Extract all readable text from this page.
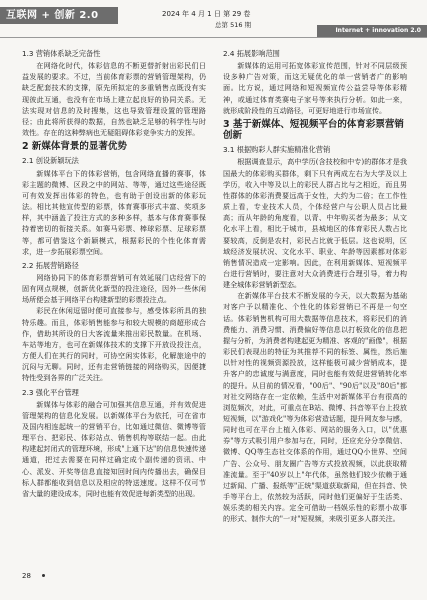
互联网 + 创新 2.0	2024 年 4 月 1 日 第 29 卷
总第 516 期
Internet + innovation 2.0
1.3 营销体系缺乏完备性

在网络化时代，体彩信息的不断更替折射出彩民们日益发展的要求。不过，当前体育彩票的营销管理架构，仍缺乏配套技术的支撑，原先所拟定的多重销售点既没有实现彼此互通，也没有在市场上建立起良好的协同关系。无法实现对信息的及时搜集，这也导致管理设置的管理路径；由此将所获得的数据，自然也缺乏足够的科学性与时效性。存在的这种弊病也无疑阻碍体彩竞争实力的发挥。

2 新媒体背景的显著优势
2.1 创设新颖玩法

新媒体平台下的体彩营销，包含网络直播的赛事，体彩主题的微博、区段之中的网站、等等，通过这些途径既可有效发挥出体彩的特色，也有助于创设出新的体彩玩法。相比其他宣传型的彩票，体育赛事形式丰富、奖项多样，其中涵盖了投注方式的多种多样，基本与体育赛事保持着密切的衔接关系。如赛马彩票、棒球彩票、足球彩票等，都可借鉴这个新颖模式，根据彩民的个性化体育需求，进一步拓展彩票空间。

2.2 拓展营销路径

网络协同下的体育彩票营销可有效延展门店经营下的固有网点规模，创新优化新型的投注途径，因外一些休闲场所便会基于网络平台构建新型的彩票投注点。

彩民在休闲逗留时便可直接参与，感受体彩所具的独特乐趣。而且，体彩销售能参与和较大规模的商超形成合作，借助其所设的日大客流量来推出彩民数量。在机场、车站等地方，也可在新媒体技术的支撑下开放设投注点，方便人们在其行的同时，可协空闲实体彩，化解旅途中的沉闷与无聊。同时，还有走营销链接的网络购买，因便捷特性受到各界的广泛关注。

2.3 强化平台管理

新媒体与体彩的融合可加强其信息互通，并有效促进管理架构的信息化发展。以新媒体平台为依托，可在省市及国内相连起统一的营销平台，比如通过微信、微博等管理平台、把彩民、体彩站点、销售机构等联结一起。由此构建起封闭式的管理环境，形成"上通下达"的信息快速传递通道，把过去需要在同样过确定成个副传递的资讯、中心、派发、开奖等信息直接知回时间内传播出去，确保目标人群都能收到信息以及相应的特送速度。这样不仅可节省大量的建设成本，同时也能有效促进每新类型的出现。

2.4 拓展影响范围

新媒体的运用可拓宽体彩宣传范围，针对不同层级预设多种广告对策，而这无疑优化的单一营销者广的影响面。比方说，通过网络和短视频宣传公益尝导等体彩精神，或通过体育类赛电子家号等来执行分析。如此一来，就形成阶段性的互动路径，可更好地进行市场宣传。

3 基于新媒体、短视频平台的体育彩票营销创新
3.1 根据购彩人群实施精准化营销

根据调查显示，高中学历(含技校和中专)的群体才是我国最大的体彩购买群体，剩下只有两成左右为大学及以上学历，收入中等及以上的彩民人群占比与之相近，而且男性群体的体彩消费要远高于女性，大约为二倍；在工作性质上看，专业技术人员，个体经营户与公职人员占比最高；而从年龄的角度看，以青、中年购买者为最多；从文化水平上看，相比于城市，县城地区的体育彩民人数占比要较高，反倒是农村，彩民占比就于低层。这也说明，区域经济发展状况、文化水平、职业、年龄等因素都对体彩销售情况造成一定影响。因此，在利用新媒体、短视频平台进行营销时，要注意对大众消费进行合理引导，着力构建全城体彩营销新型态。

在新媒体平台技术不断发展的今天，以大数据为基础对客户予以精准化、个性化的体彩营销已不再是一句空话。体彩销售机构可用大数据等信息技术，将彩民们的消费能力、消费习惯、消费偏好等信息以打板致化的信息把握与分析，为消费者构建起更为精准、客观的"画像"，根据彩民们表现出的特征为其推荐不同的标签、属性，然后施以针对性的视频资源投放，这样能极可减少营销成本，提升客户的忠诚度与满意度，同时也能有效促进营销转化率的提升。从目前的情况看，"00后"、"90后"以及"80后"都对社交网络存在一定依赖，生活中对新媒体平台有很高的浏览频次，对此，可重点在B站、微博、抖音等平台上投放短视频，以"游戏化"等为体彩营造话题，提升网友参与感，同时也可在平台上植入体彩、网站的服务入口，以"优惠券"等方式吸引用户参加与在，同时，还应充分分享微信、微博、QQ等生态社交体系的作用，通过QQ小世界、空间广告、公众号、朋友圈广告等方式投放视频，以此获取精准流量。至于"40岁以上"年代体，虽然他们较少依赖于通过新闻、广播、报纸等"正统"渠道获取新闻，但在抖音、快手等平台上，依然较为活跃，同时他们更偏好于生活类、娱乐类的相关内容。定全可借助一档娱乐性的彩票小故事的形式、制作大的"一对"短视频，来吸引更多人群关注。

28
